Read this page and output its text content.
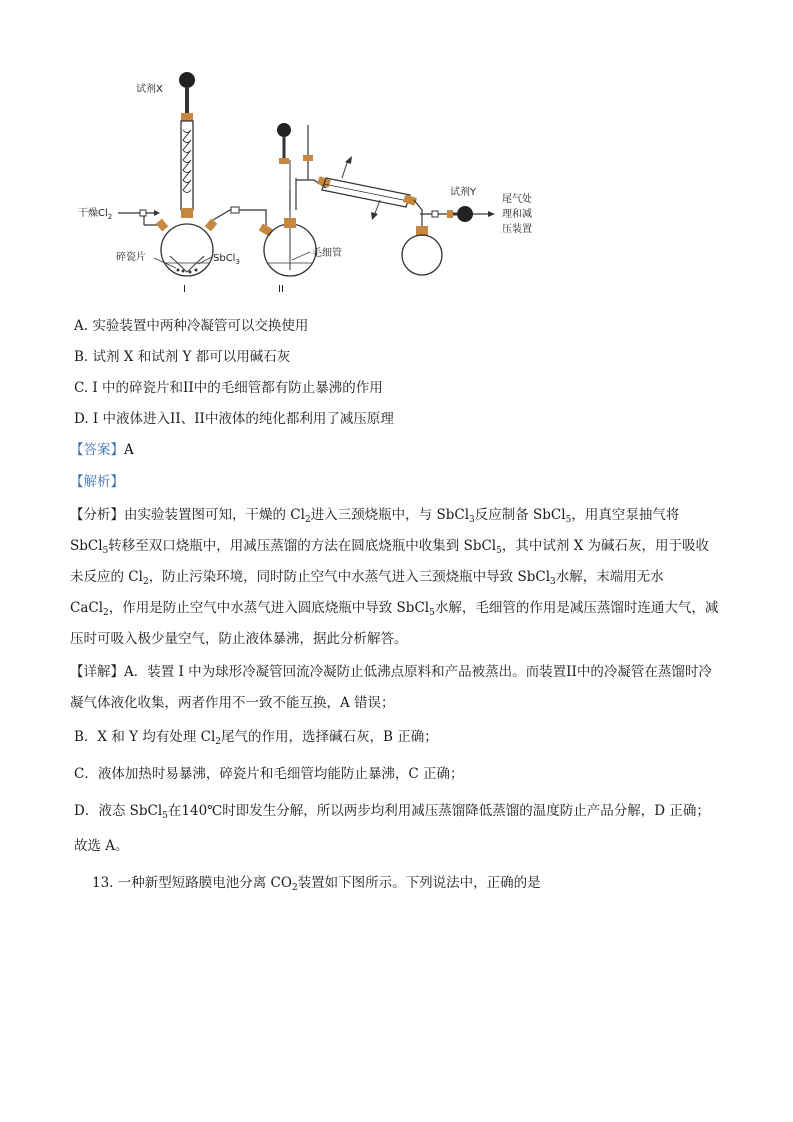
试剂X
干燥$Cl_2$
碎瓷片	SbCl$_3$
I
毛细管
II
试剂Y
尾气处
理和减
压装置
A. 实验装置中两种冷凝管可以交换使用
B. 试剂 X 和试剂 Y 都可以用碱石灰
C. I 中的碎瓷片和II中的毛细管都有防止暴沸的作用
D. I 中液体进入II、II中液体的纯化都利用了减压原理
【答案】A
【解析】
【分析】由实验装置图可知，干燥的 $Cl_2$进入三颈烧瓶中，与 SbCl$_3$反应制备 SbCl$_5$，用真空泵抽气将 SbCl$_5$转移至双口烧瓶中，用减压蒸馏的方法在圆底烧瓶中收集到 SbCl$_5$，其中试剂 X 为碱石灰，用于吸收未反应的 $Cl_2$，防止污染环境，同时防止空气中水蒸气进入三颈烧瓶中导致 SbCl$_3$水解，末端用无水 CaCl$_2$，作用是防止空气中水蒸气进入圆底烧瓶中导致 SbCl$_5$水解，毛细管的作用是减压蒸馏时连通大气，减压时可吸入极少量空气，防止液体暴沸，据此分析解答。
【详解】A．装置 I 中为球形冷凝管回流冷凝防止低沸点原料和产品被蒸出。而装置II中的冷凝管在蒸馏时冷凝气体液化收集，两者作用不一致不能互换，A 错误；
B．X 和 Y 均有处理 $Cl_2$尾气的作用，选择碱石灰，B 正确；
C．液体加热时易暴沸，碎瓷片和毛细管均能防止暴沸，C 正确；
D．液态 SbCl$_5$在140℃时即发生分解，所以两步均利用减压蒸馏降低蒸馏的温度防止产品分解，D 正确；
故选 A。
13. 一种新型短路膜电池分离 $CO_2$装置如下图所示。下列说法中，正确的是
